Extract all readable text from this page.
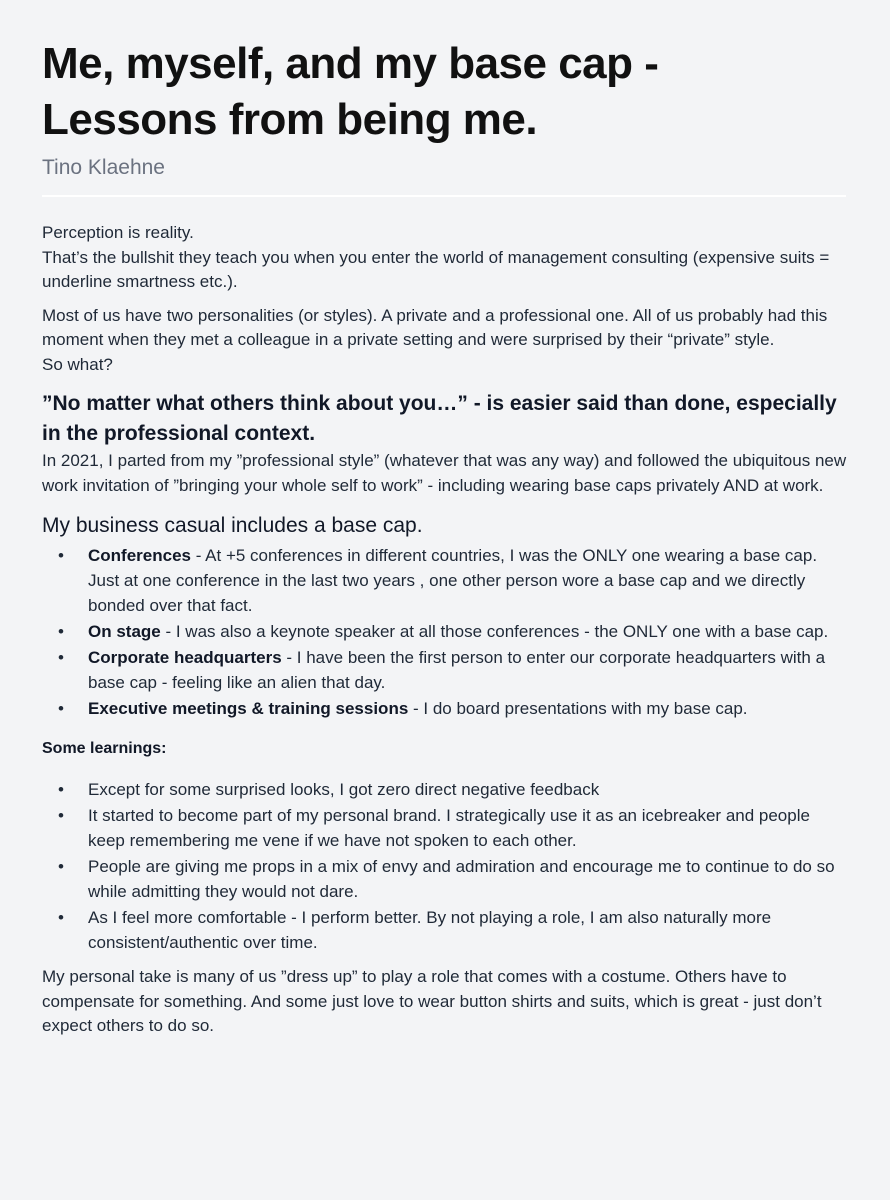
Me, myself, and my base cap -
Lessons from being me.
Tino Klaehne

Perception is reality.
That’s the bullshit they teach you when you enter the world of management consulting (expensive suits = underline smartness etc.).

Most of us have two personalities (or styles). A private and a professional one. All of us probably had this moment when they met a colleague in a private setting and were surprised by their “private” style.
So what?

”No matter what others think about you…” - is easier said than done, especially in the professional context.

In 2021, I parted from my ”professional style” (whatever that was any way) and followed the ubiquitous new work invitation of ”bringing your whole self to work” - including wearing base caps privately AND at work.

My business casual includes a base cap.
• Conferences - At +5 conferences in different countries, I was the ONLY one wearing a base cap. Just at one conference in the last two years , one other person wore a base cap and we directly bonded over that fact.
• On stage - I was also a keynote speaker at all those conferences - the ONLY one with a base cap.
• Corporate headquarters - I have been the first person to enter our corporate headquarters with a base cap - feeling like an alien that day.
• Executive meetings & training sessions - I do board presentations with my base cap.
Some learnings:
• Except for some surprised looks, I got zero direct negative feedback
• It started to become part of my personal brand. I strategically use it as an icebreaker and people keep remembering me vene if we have not spoken to each other.
• People are giving me props in a mix of envy and admiration and encourage me to continue to do so while admitting they would not dare.
• As I feel more comfortable - I perform better. By not playing a role, I am also naturally more consistent/authentic over time.

My personal take is many of us ”dress up” to play a role that comes with a costume. Others have to compensate for something. And some just love to wear button shirts and suits, which is great - just don’t expect others to do so.
